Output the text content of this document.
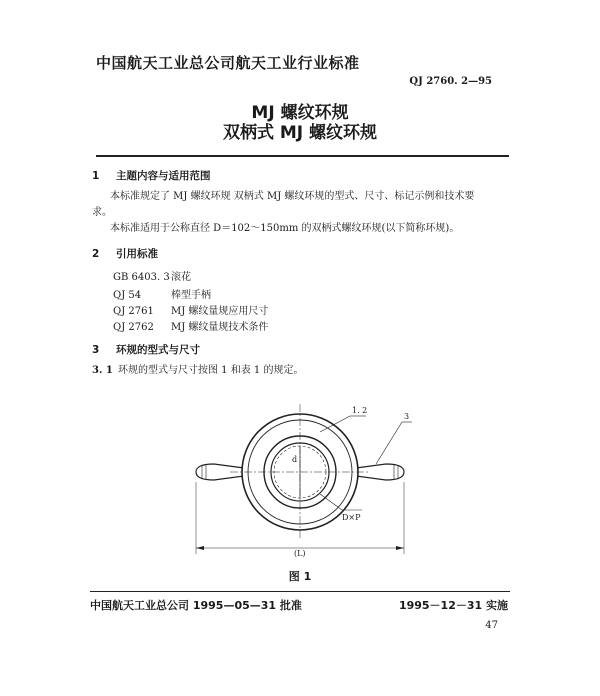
中国航天工业总公司航天工业行业标准
QJ 2760. 2—95
MJ 螺纹环规
双柄式 MJ 螺纹环规
1 主题内容与适用范围
本标准规定了 MJ 螺纹环规 双柄式 MJ 螺纹环规的型式、尺寸、标记示例和技术要
求。
本标准适用于公称直径 D＝102～150mm 的双柄式螺纹环规(以下简称环规)。
2 引用标准
GB 6403. 3滚花
QJ 54	棒型手柄
QJ 2761 MJ 螺纹量规应用尺寸
QJ 2762 MJ 螺纹量规技术条件
3 环规的型式与尺寸
3. 1 环规的型式与尺寸按图 1 和表 1 的规定。
d
1. 2
3
D×P
(L)
图 1
中国航天工业总公司 1995—05—31 批准	1995－12－31 实施
47
